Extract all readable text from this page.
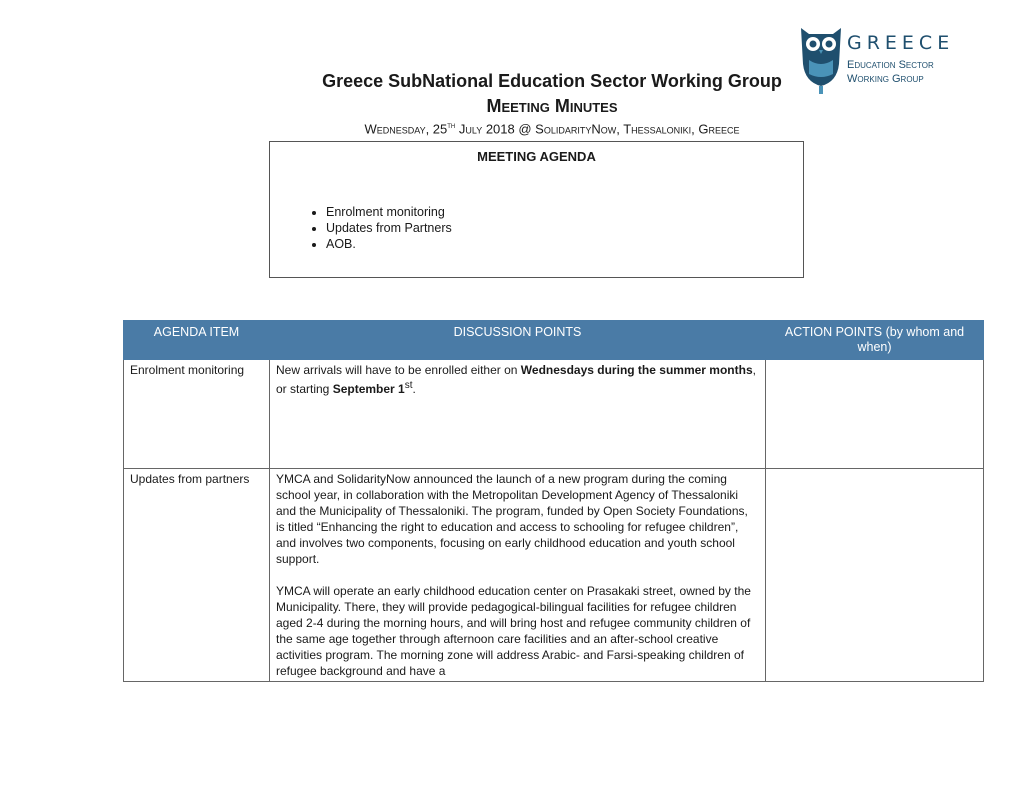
GREECE
Education Sector
Working Group
Greece SubNational Education Sector Working Group
Meeting Minutes
Wednesday, 25th July 2018 @ SolidarityNow, Thessaloniki, Greece
MEETING AGENDA
• Enrolment monitoring
• Updates from Partners
• AOB.
AGENDA ITEM	DISCUSSION POINTS	ACTION POINTS (by whom and when)
Enrolment monitoring	New arrivals will have to be enrolled either on Wednesdays during the summer months, or starting September 1st.	
Updates from partners	YMCA and SolidarityNow announced the launch of a new program during the coming school year, in collaboration with the Metropolitan Development Agency of Thessaloniki and the Municipality of Thessaloniki. The program, funded by Open Society Foundations, is titled “Enhancing the right to education and access to schooling for refugee children”, and involves two components, focusing on early childhood education and youth school support.

YMCA will operate an early childhood education center on Prasakaki street, owned by the Municipality. There, they will provide pedagogical-bilingual facilities for refugee children aged 2-4 during the morning hours, and will bring host and refugee community children of the same age together through afternoon care facilities and an after-school creative activities program. The morning zone will address Arabic- and Farsi-speaking children of refugee background and have a	
